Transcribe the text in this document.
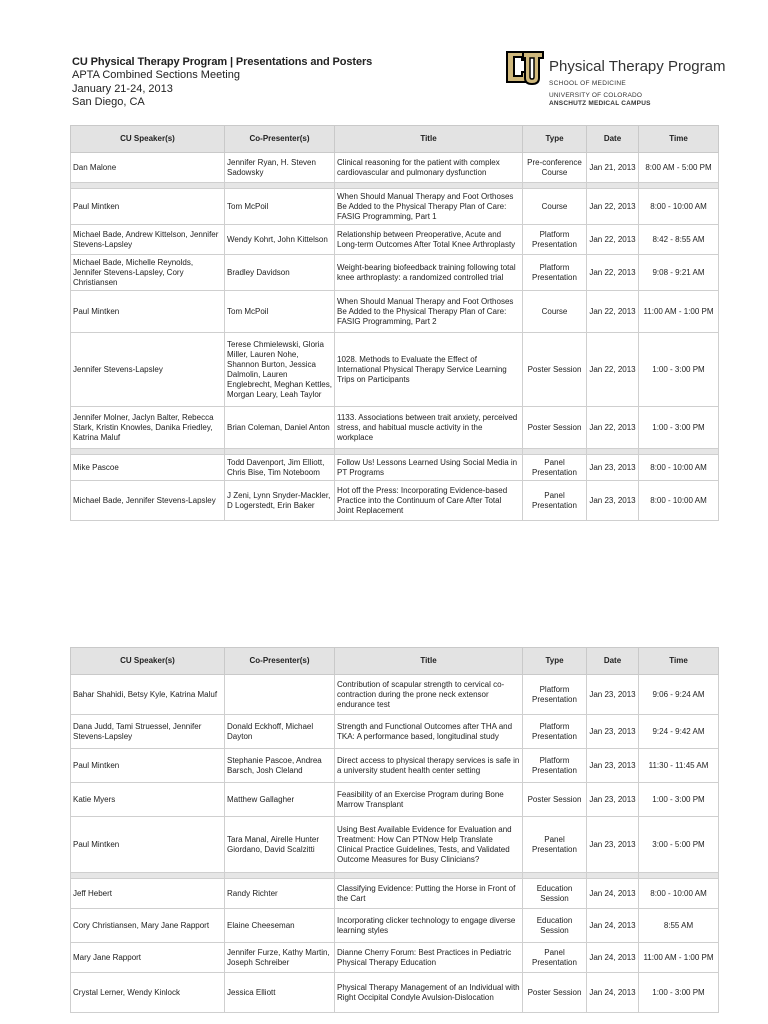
CU Physical Therapy Program | Presentations and Posters
APTA Combined Sections Meeting
January 21-24, 2013
San Diego, CA
Physical Therapy Program
SCHOOL OF MEDICINE
UNIVERSITY OF COLORADO
ANSCHUTZ MEDICAL CAMPUS
CU Speaker(s)	Co-Presenter(s)	Title	Type	Date	Time
Dan Malone	Jennifer Ryan, H. Steven Sadowsky	Clinical reasoning for the patient with complex cardiovascular and pulmonary dysfunction	Pre-conference Course	Jan 21, 2013	8:00 AM - 5:00 PM

Paul Mintken	Tom McPoil	When Should Manual Therapy and Foot Orthoses Be Added to the Physical Therapy Plan of Care: FASIG Programming, Part 1	Course	Jan 22, 2013	8:00 - 10:00 AM
Michael Bade, Andrew Kittelson, Jennifer Stevens-Lapsley	Wendy Kohrt, John Kittelson	Relationship between Preoperative, Acute and Long-term Outcomes After Total Knee Arthroplasty	Platform Presentation	Jan 22, 2013	8:42 - 8:55 AM
Michael Bade, Michelle Reynolds, Jennifer Stevens-Lapsley, Cory Christiansen	Bradley Davidson	Weight-bearing biofeedback training following total knee arthroplasty: a randomized controlled trial	Platform Presentation	Jan 22, 2013	9:08 - 9:21 AM
Paul Mintken	Tom McPoil	When Should Manual Therapy and Foot Orthoses Be Added to the Physical Therapy Plan of Care: FASIG Programming, Part 2	Course	Jan 22, 2013	11:00 AM - 1:00 PM
Jennifer Stevens-Lapsley	Terese Chmielewski, Gloria Miller, Lauren Nohe, Shannon Burton, Jessica Dalmolin, Lauren Englebrecht, Meghan Kettles, Morgan Leary, Leah Taylor	1028. Methods to Evaluate the Effect of International Physical Therapy Service Learning Trips on Participants	Poster Session	Jan 22, 2013	1:00 - 3:00 PM
Jennifer Molner, Jaclyn Balter, Rebecca Stark, Kristin Knowles, Danika Friedley, Katrina Maluf	Brian Coleman, Daniel Anton	1133. Associations between trait anxiety, perceived stress, and habitual muscle activity in the workplace	Poster Session	Jan 22, 2013	1:00 - 3:00 PM

Mike Pascoe	Todd Davenport, Jim Elliott, Chris Bise, Tim Noteboom	Follow Us! Lessons Learned Using Social Media in PT Programs	Panel Presentation	Jan 23, 2013	8:00 - 10:00 AM
Michael Bade, Jennifer Stevens-Lapsley	J Zeni, Lynn Snyder-Mackler, D Logerstedt, Erin Baker	Hot off the Press: Incorporating Evidence-based Practice into the Continuum of Care After Total Joint Replacement	Panel Presentation	Jan 23, 2013	8:00 - 10:00 AM
CU Speaker(s)	Co-Presenter(s)	Title	Type	Date	Time
Bahar Shahidi, Betsy Kyle, Katrina Maluf		Contribution of scapular strength to cervical co-contraction during the prone neck extensor endurance test	Platform Presentation	Jan 23, 2013	9:06 - 9:24 AM
Dana Judd, Tami Struessel, Jennifer Stevens-Lapsley	Donald Eckhoff, Michael Dayton	Strength and Functional Outcomes after THA and TKA: A performance based, longitudinal study	Platform Presentation	Jan 23, 2013	9:24 - 9:42 AM
Paul Mintken	Stephanie Pascoe, Andrea Barsch, Josh Cleland	Direct access to physical therapy services is safe in a university student health center setting	Platform Presentation	Jan 23, 2013	11:30 - 11:45 AM
Katie Myers	Matthew Gallagher	Feasibility of an Exercise Program during Bone Marrow Transplant	Poster Session	Jan 23, 2013	1:00 - 3:00 PM
Paul Mintken	Tara Manal, Airelle Hunter Giordano, David Scalzitti	Using Best Available Evidence for Evaluation and Treatment: How Can PTNow Help Translate Clinical Practice Guidelines, Tests, and Validated Outcome Measures for Busy Clinicians?	Panel Presentation	Jan 23, 2013	3:00 - 5:00 PM

Jeff Hebert	Randy Richter	Classifying Evidence: Putting the Horse in Front of the Cart	Education Session	Jan 24, 2013	8:00 - 10:00 AM
Cory Christiansen, Mary Jane Rapport	Elaine Cheeseman	Incorporating clicker technology to engage diverse learning styles	Education Session	Jan 24, 2013	8:55 AM
Mary Jane Rapport	Jennifer Furze, Kathy Martin, Joseph Schreiber	Dianne Cherry Forum: Best Practices in Pediatric Physical Therapy Education	Panel Presentation	Jan 24, 2013	11:00 AM - 1:00 PM
Crystal Lerner, Wendy Kinlock	Jessica Elliott	Physical Therapy Management of an Individual with Right Occipital Condyle Avulsion-Dislocation	Poster Session	Jan 24, 2013	1:00 - 3:00 PM
